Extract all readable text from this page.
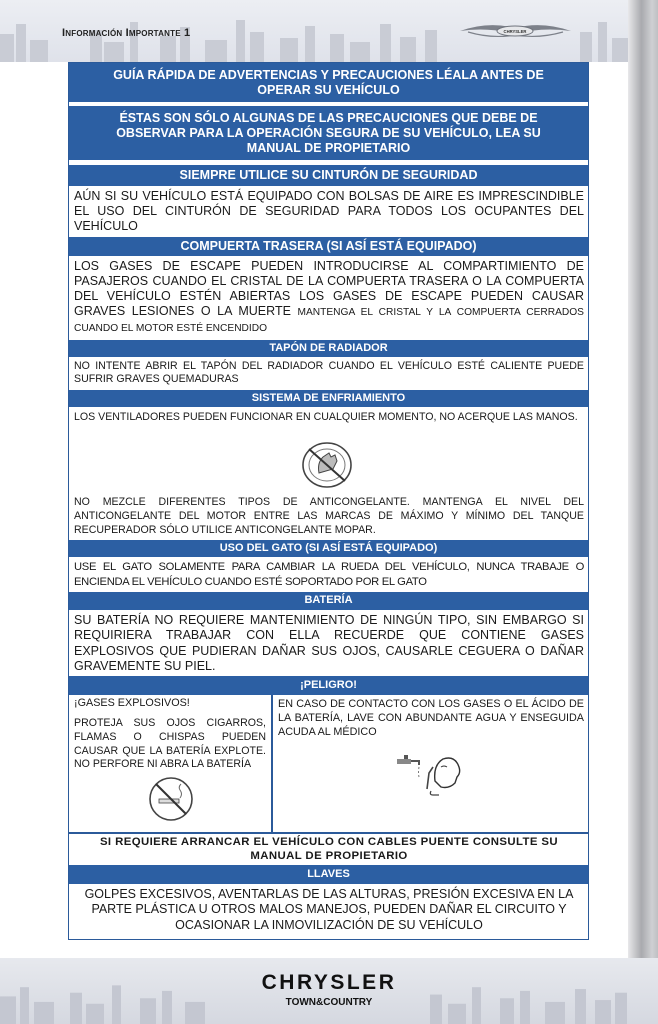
Información Importante 1	CHRYSLER
GUÍA RÁPIDA DE ADVERTENCIAS Y PRECAUCIONES LÉALA ANTES DE OPERAR SU VEHÍCULO
ÉSTAS SON SÓLO ALGUNAS DE LAS PRECAUCIONES QUE DEBE DE OBSERVAR PARA LA OPERACIÓN SEGURA DE SU VEHÍCULO, LEA SU MANUAL DE PROPIETARIO
SIEMPRE UTILICE SU CINTURÓN DE SEGURIDAD
AÚN SI SU VEHÍCULO ESTÁ EQUIPADO CON BOLSAS DE AIRE ES IMPRESCINDIBLE EL USO DEL CINTURÓN DE SEGURIDAD PARA TODOS LOS OCUPANTES DEL VEHÍCULO
COMPUERTA TRASERA (SI ASÍ ESTÁ EQUIPADO)
LOS GASES DE ESCAPE PUEDEN INTRODUCIRSE AL COMPARTIMIENTO DE PASAJEROS CUANDO EL CRISTAL DE LA COMPUERTA TRASERA O LA COMPUERTA DEL VEHÍCULO ESTÉN ABIERTAS LOS GASES DE ESCAPE PUEDEN CAUSAR GRAVES LESIONES O LA MUERTE MANTENGA EL CRISTAL Y LA COMPUERTA CERRADOS CUANDO EL MOTOR ESTÉ ENCENDIDO
TAPÓN DE RADIADOR
NO INTENTE ABRIR EL TAPÓN DEL RADIADOR CUANDO EL VEHÍCULO ESTÉ CALIENTE PUEDE SUFRIR GRAVES QUEMADURAS
SISTEMA DE ENFRIAMIENTO
LOS VENTILADORES PUEDEN FUNCIONAR EN CUALQUIER MOMENTO, NO ACERQUE LAS MANOS.
NO MEZCLE DIFERENTES TIPOS DE ANTICONGELANTE. MANTENGA EL NIVEL DEL ANTICONGELANTE DEL MOTOR ENTRE LAS MARCAS DE MÁXIMO Y MÍNIMO DEL TANQUE RECUPERADOR SÓLO UTILICE ANTICONGELANTE MOPAR.
USO DEL GATO (SI ASÍ ESTÁ EQUIPADO)
USE EL GATO SOLAMENTE PARA CAMBIAR LA RUEDA DEL VEHÍCULO, NUNCA TRABAJE O ENCIENDA EL VEHÍCULO CUANDO ESTÉ SOPORTADO POR EL GATO
BATERÍA
SU BATERÍA NO REQUIERE MANTENIMIENTO DE NINGÚN TIPO, SIN EMBARGO SI REQUIRIERA TRABAJAR CON ELLA RECUERDE QUE CONTIENE GASES EXPLOSIVOS QUE PUDIERAN DAÑAR SUS OJOS, CAUSARLE CEGUERA O DAÑAR GRAVEMENTE SU PIEL.
¡PELIGRO!
¡GASES EXPLOSIVOS!
PROTEJA SUS OJOS CIGARROS, FLAMAS O CHISPAS PUEDEN CAUSAR QUE LA BATERÍA EXPLOTE. NO PERFORE NI ABRA LA BATERÍA
EN CASO DE CONTACTO CON LOS GASES O EL ÁCIDO DE LA BATERÍA, LAVE CON ABUNDANTE AGUA Y ENSEGUIDA ACUDA AL MÉDICO
SI REQUIERE ARRANCAR EL VEHÍCULO CON CABLES PUENTE CONSULTE SU MANUAL DE PROPIETARIO
LLAVES
GOLPES EXCESIVOS, AVENTARLAS DE LAS ALTURAS, PRESIÓN EXCESIVA EN LA PARTE PLÁSTICA U OTROS MALOS MANEJOS, PUEDEN DAÑAR EL CIRCUITO Y OCASIONAR LA INMOVILIZACIÓN DE SU VEHÍCULO
CHRYSLER
TOWN&COUNTRY
